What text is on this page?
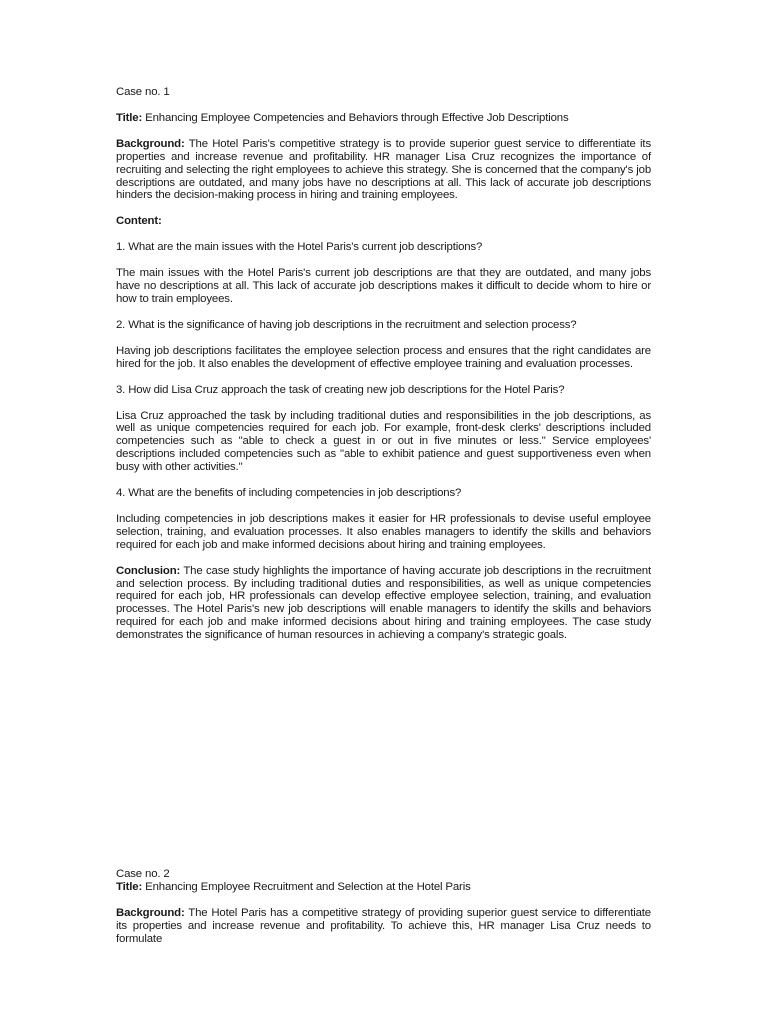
Case no. 1

Title: Enhancing Employee Competencies and Behaviors through Effective Job Descriptions

Background: The Hotel Paris's competitive strategy is to provide superior guest service to differentiate its properties and increase revenue and profitability. HR manager Lisa Cruz recognizes the importance of recruiting and selecting the right employees to achieve this strategy. She is concerned that the company's job descriptions are outdated, and many jobs have no descriptions at all. This lack of accurate job descriptions hinders the decision-making process in hiring and training employees.

Content:

1. What are the main issues with the Hotel Paris's current job descriptions?

The main issues with the Hotel Paris's current job descriptions are that they are outdated, and many jobs have no descriptions at all. This lack of accurate job descriptions makes it difficult to decide whom to hire or how to train employees.

2. What is the significance of having job descriptions in the recruitment and selection process?

Having job descriptions facilitates the employee selection process and ensures that the right candidates are hired for the job. It also enables the development of effective employee training and evaluation processes.

3. How did Lisa Cruz approach the task of creating new job descriptions for the Hotel Paris?

Lisa Cruz approached the task by including traditional duties and responsibilities in the job descriptions, as well as unique competencies required for each job. For example, front-desk clerks' descriptions included competencies such as "able to check a guest in or out in five minutes or less." Service employees' descriptions included competencies such as "able to exhibit patience and guest supportiveness even when busy with other activities."

4. What are the benefits of including competencies in job descriptions?

Including competencies in job descriptions makes it easier for HR professionals to devise useful employee selection, training, and evaluation processes. It also enables managers to identify the skills and behaviors required for each job and make informed decisions about hiring and training employees.

Conclusion: The case study highlights the importance of having accurate job descriptions in the recruitment and selection process. By including traditional duties and responsibilities, as well as unique competencies required for each job, HR professionals can develop effective employee selection, training, and evaluation processes. The Hotel Paris's new job descriptions will enable managers to identify the skills and behaviors required for each job and make informed decisions about hiring and training employees. The case study demonstrates the significance of human resources in achieving a company's strategic goals.

Case no. 2

Title: Enhancing Employee Recruitment and Selection at the Hotel Paris

Background: The Hotel Paris has a competitive strategy of providing superior guest service to differentiate its properties and increase revenue and profitability. To achieve this, HR manager Lisa Cruz needs to formulate
